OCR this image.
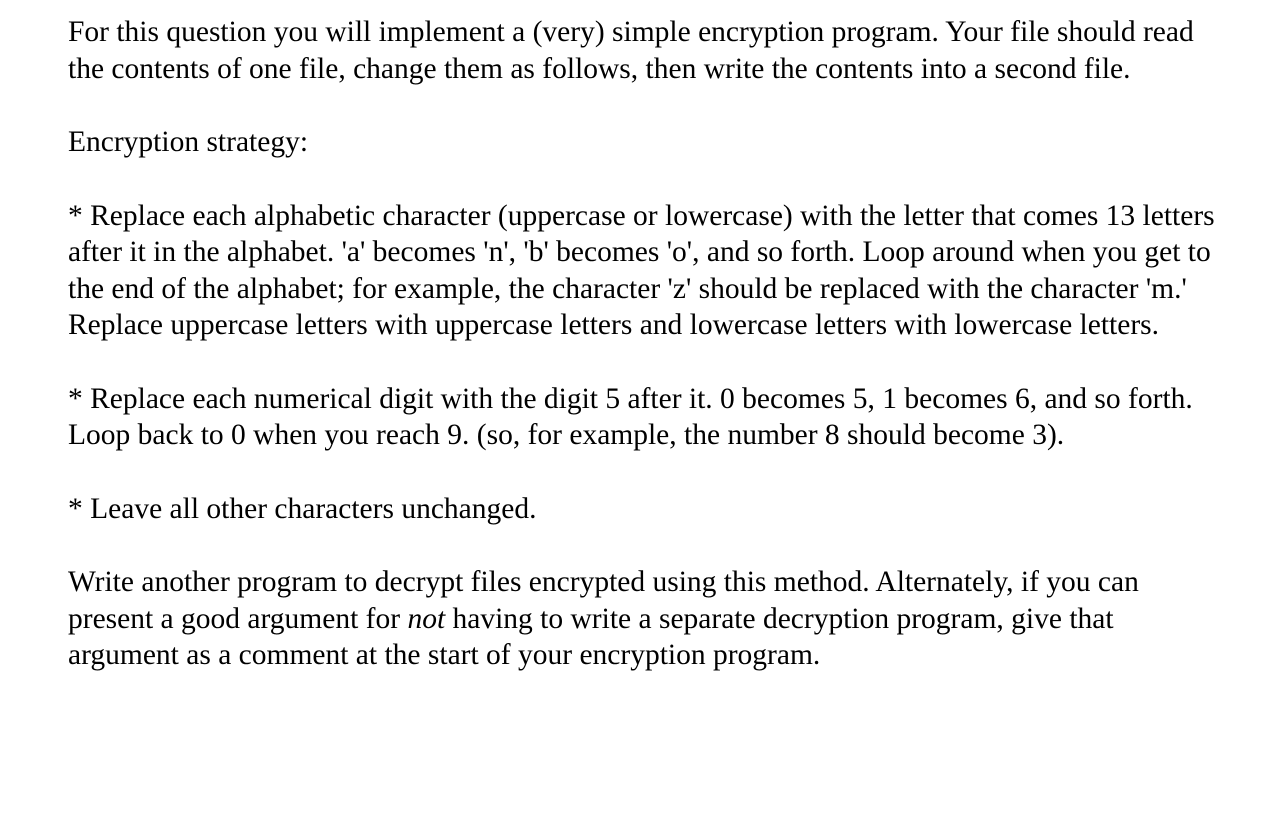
For this question you will implement a (very) simple encryption program. Your file should read the contents of one file, change them as follows, then write the contents into a second file.

Encryption strategy:

* Replace each alphabetic character (uppercase or lowercase) with the letter that comes 13 letters after it in the alphabet. 'a' becomes 'n', 'b' becomes 'o', and so forth. Loop around when you get to the end of the alphabet; for example, the character 'z' should be replaced with the character 'm.' Replace uppercase letters with uppercase letters and lowercase letters with lowercase letters.

* Replace each numerical digit with the digit 5 after it. 0 becomes 5, 1 becomes 6, and so forth. Loop back to 0 when you reach 9. (so, for example, the number 8 should become 3).

* Leave all other characters unchanged.

Write another program to decrypt files encrypted using this method. Alternately, if you can present a good argument for not having to write a separate decryption program, give that argument as a comment at the start of your encryption program.
